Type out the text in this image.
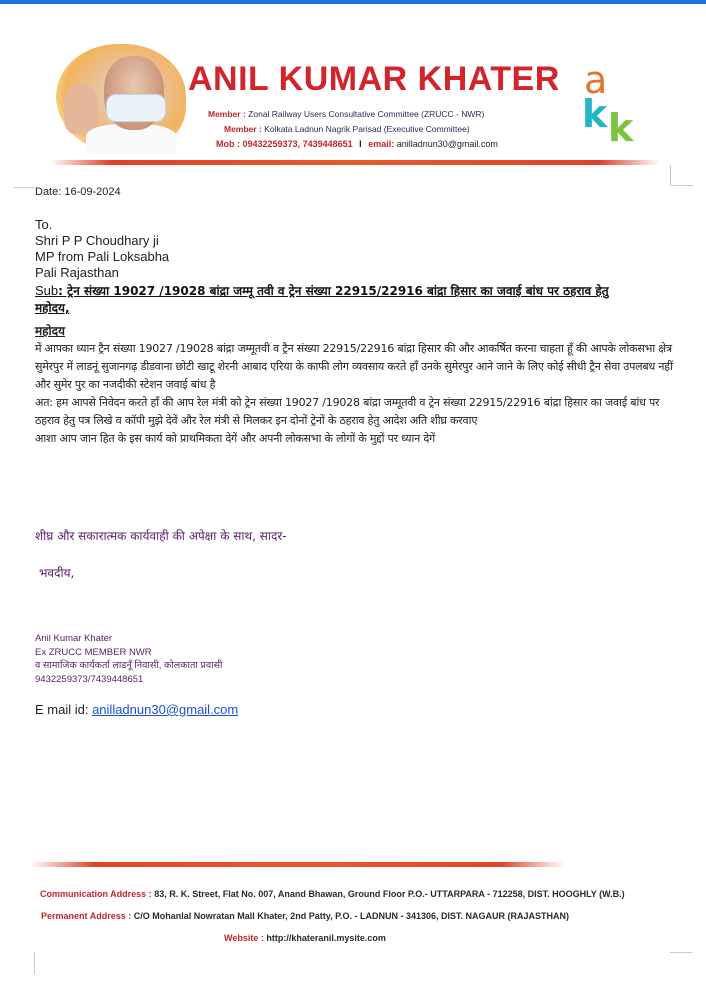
ANIL KUMAR KHATER
Member : Zonal Railway Users Consultative Committee (ZRUCC - NWR)
Member : Kolkata Ladnun Nagrik Parisad (Executive Committee)
Mob : 09432259373, 7439448651 I email: anilladnun30@gmail.com
a
k k
Date: 16-09-2024
To.
Shri P P Choudhary ji
MP from Pali Loksabha
Pali Rajasthan
Sub: ट्रेन संख्या 19027 /19028 बांद्रा जम्मू तवी व ट्रेन संख्या 22915/22916 बांद्रा हिसार का जवाई बांध पर ठहराव हेतु
महोदय,
महोदय

में आपका ध्यान ट्रैन संख्या 19027 /19028 बांद्रा जम्मूतवी व ट्रैन संख्या 22915/22916 बांद्रा हिसार की और आकर्षित करना चाहता हूँ की आपके लोकसभा क्षेत्र सुमेरपुर में लाडनूं सुजानगढ़ डीडवाना छोटी खाटू शेरनी आबाद एरिया के काफी लोग व्यवसाय करते हाँ उनके सुमेरपुर आने जाने के लिए कोई सीधी ट्रैन सेवा उपलबध नहीं और सुमेर पुर का नजदीकी स्टेशन जवाई बांध है

अत: हम आपसे निवेदन करते हाँ की आप रेल मंत्री को ट्रेन संख्या 19027 /19028 बांद्रा जम्मूतवी व ट्रेन संख्या 22915/22916 बांद्रा हिसार का जवाई बांध पर ठहराव हेतु पत्र लिखे व कॉपी मुझे देवें और रेल मंत्री से मिलकर इन दोनों ट्रेनों के ठहराव हेतु आदेश अति शीघ्र करवाए

आशा आप जान हित के इस कार्य को प्राथमिकता देगें और अपनी लोकसभा के लोगों के मुद्दों पर ध्यान देगें

शीघ्र और सकारात्मक कार्यवाही की अपेक्षा के साथ, सादर-
भवदीय,
Anil Kumar Khater
Ex ZRUCC MEMBER NWR
व सामाजिक कार्यकर्ता लाडनूँ निवासी, कोलकाता प्रवासी
9432259373/7439448651
E mail id: anilladnun30@gmail.com
Communication Address : 83, R. K. Street, Flat No. 007, Anand Bhawan, Ground Floor P.O.- UTTARPARA - 712258, DIST. HOOGHLY (W.B.)
Permanent Address : C/O Mohanlal Nowratan Mall Khater, 2nd Patty, P.O. - LADNUN - 341306, DIST. NAGAUR (RAJASTHAN)
Website : http://khateranil.mysite.com
